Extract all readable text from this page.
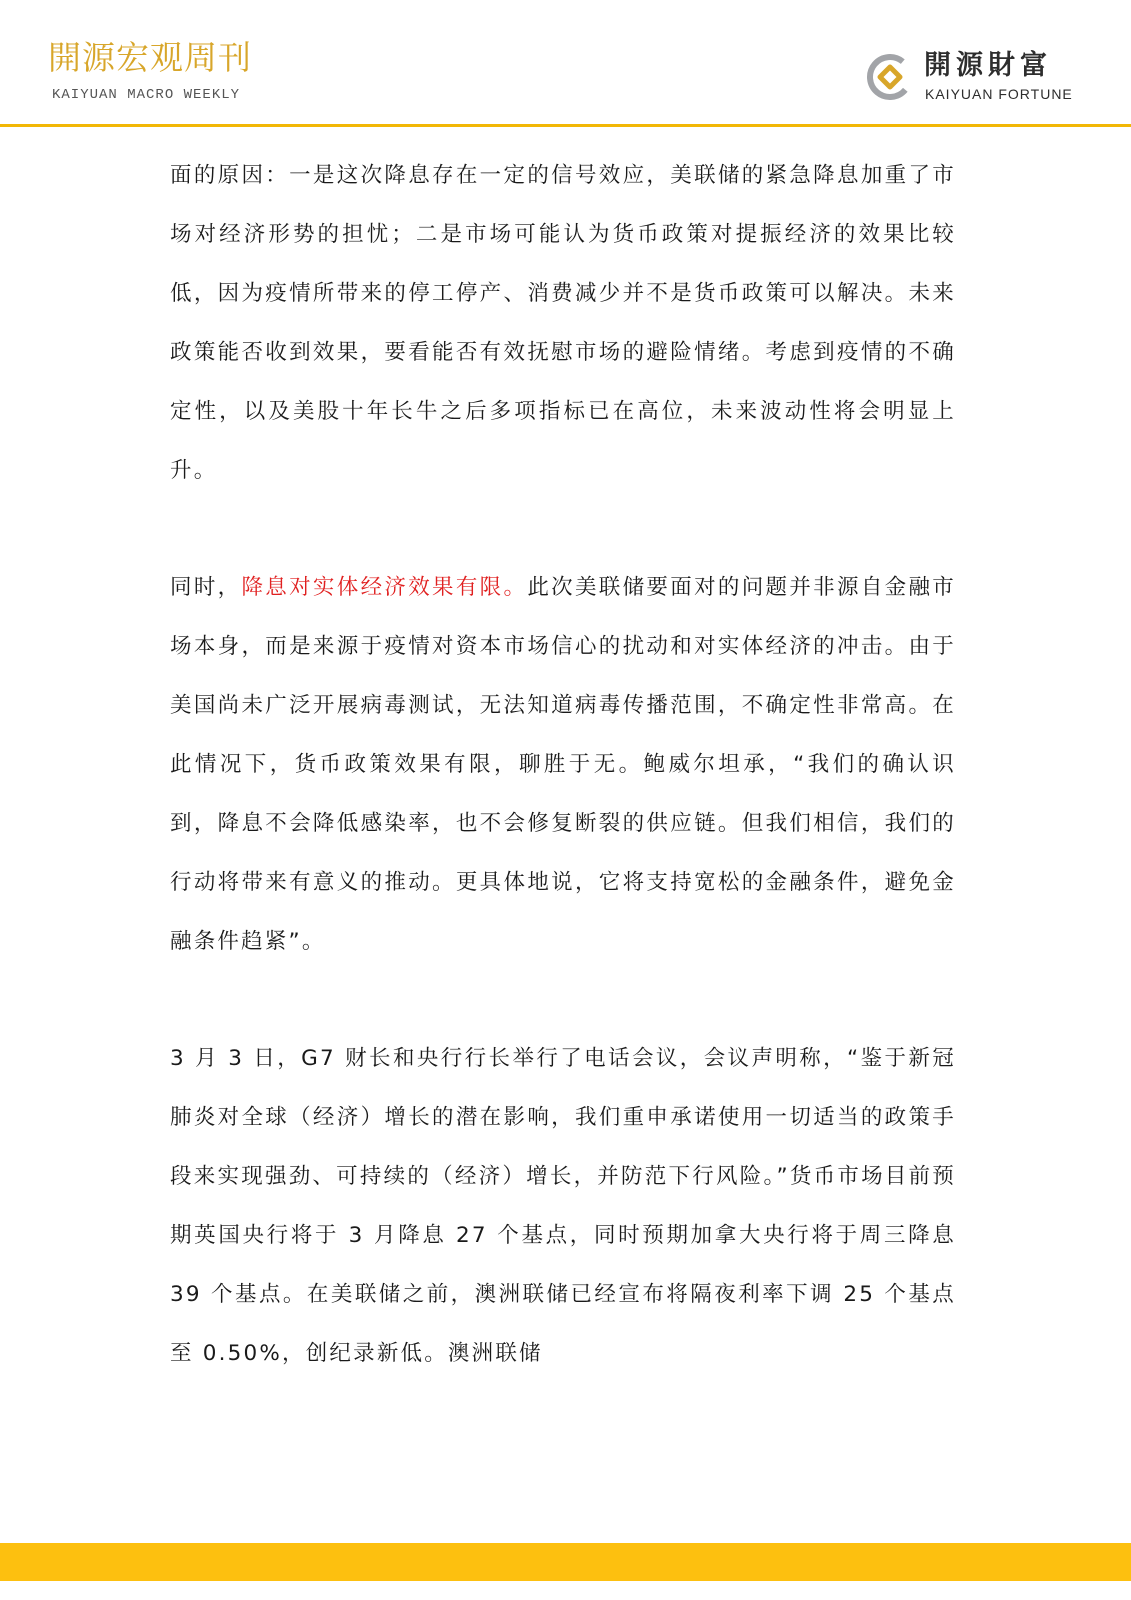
開源宏观周刊
KAIYUAN MACRO WEEKLY
開源財富
KAIYUAN FORTUNE

面的原因：一是这次降息存在一定的信号效应，美联储的紧急降息加重了市场对经济形势的担忧；二是市场可能认为货币政策对提振经济的效果比较低，因为疫情所带来的停工停产、消费减少并不是货币政策可以解决。未来政策能否收到效果，要看能否有效抚慰市场的避险情绪。考虑到疫情的不确定性，以及美股十年长牛之后多项指标已在高位，未来波动性将会明显上升。

同时，降息对实体经济效果有限。此次美联储要面对的问题并非源自金融市场本身，而是来源于疫情对资本市场信心的扰动和对实体经济的冲击。由于美国尚未广泛开展病毒测试，无法知道病毒传播范围，不确定性非常高。在此情况下，货币政策效果有限，聊胜于无。鲍威尔坦承，“我们的确认识到，降息不会降低感染率，也不会修复断裂的供应链。但我们相信，我们的行动将带来有意义的推动。更具体地说，它将支持宽松的金融条件，避免金融条件趋紧”。

3 月 3 日，G7 财长和央行行长举行了电话会议，会议声明称，“鉴于新冠肺炎对全球（经济）增长的潜在影响，我们重申承诺使用一切适当的政策手段来实现强劲、可持续的（经济）增长，并防范下行风险。”货币市场目前预期英国央行将于 3 月降息 27 个基点，同时预期加拿大央行将于周三降息 39 个基点。在美联储之前，澳洲联储已经宣布将隔夜利率下调 25 个基点至 0.50%，创纪录新低。澳洲联储
